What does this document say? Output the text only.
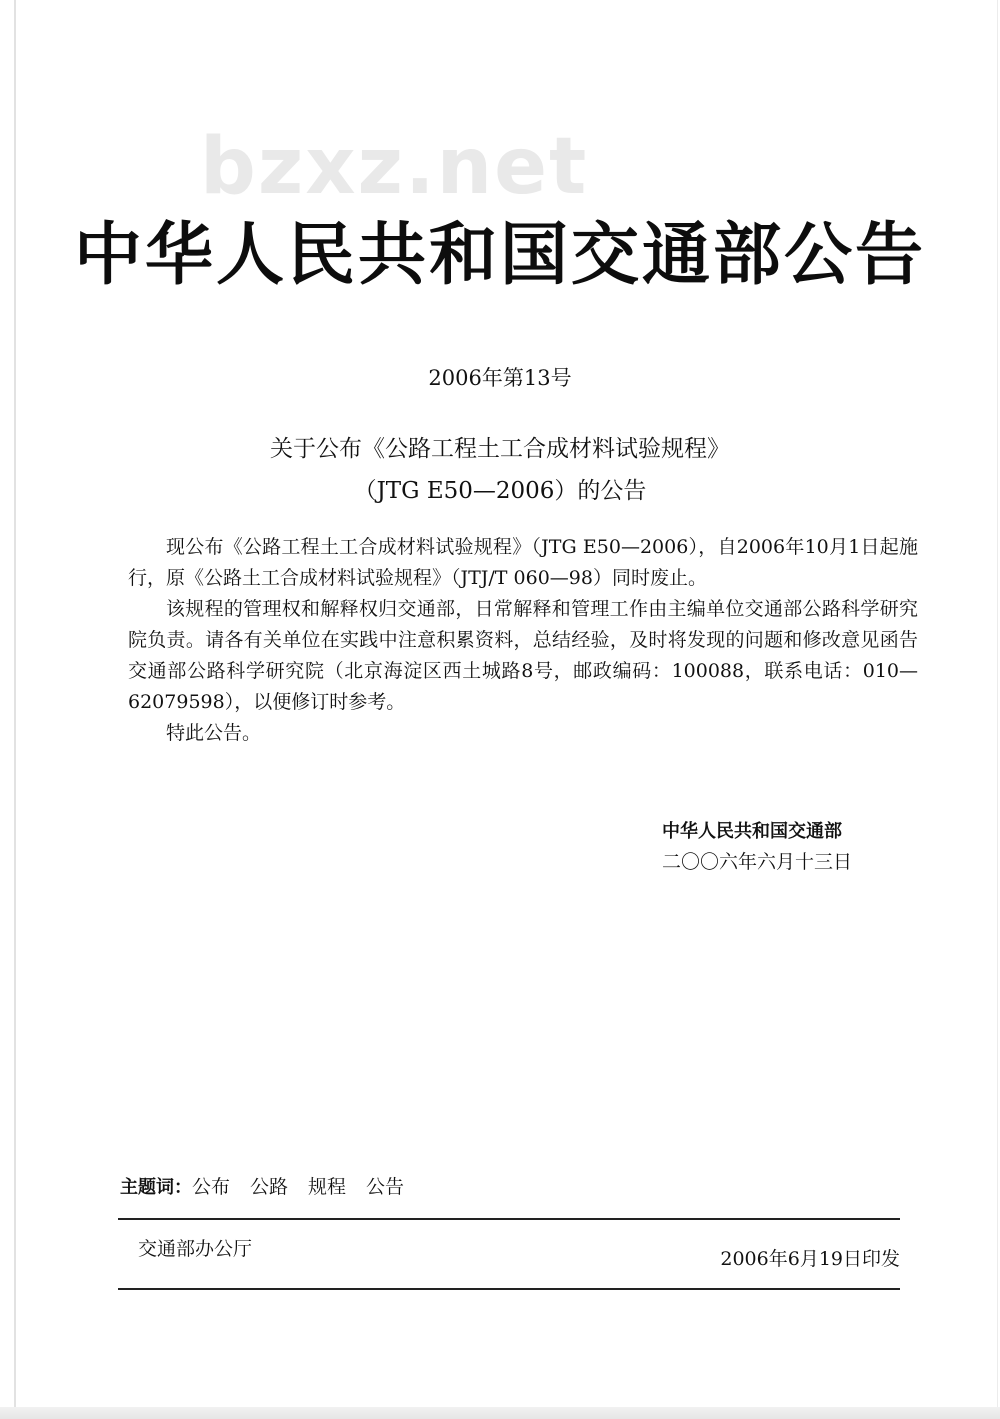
bzxz.net
中华人民共和国交通部公告
2006年第13号
关于公布《公路工程土工合成材料试验规程》
（JTG E50—2006）的公告

现公布《公路工程土工合成材料试验规程》（JTG E50—2006），自2006年10月1日起施行，原《公路土工合成材料试验规程》（JTJ/T 060—98）同时废止。

该规程的管理权和解释权归交通部，日常解释和管理工作由主编单位交通部公路科学研究院负责。请各有关单位在实践中注意积累资料，总结经验，及时将发现的问题和修改意见函告交通部公路科学研究院（北京海淀区西土城路8号，邮政编码：100088，联系电话：010—62079598），以便修订时参考。

特此公告。

中华人民共和国交通部
二〇〇六年六月十三日
主题词：公布 公路 规程 公告
交通部办公厅	2006年6月19日印发
